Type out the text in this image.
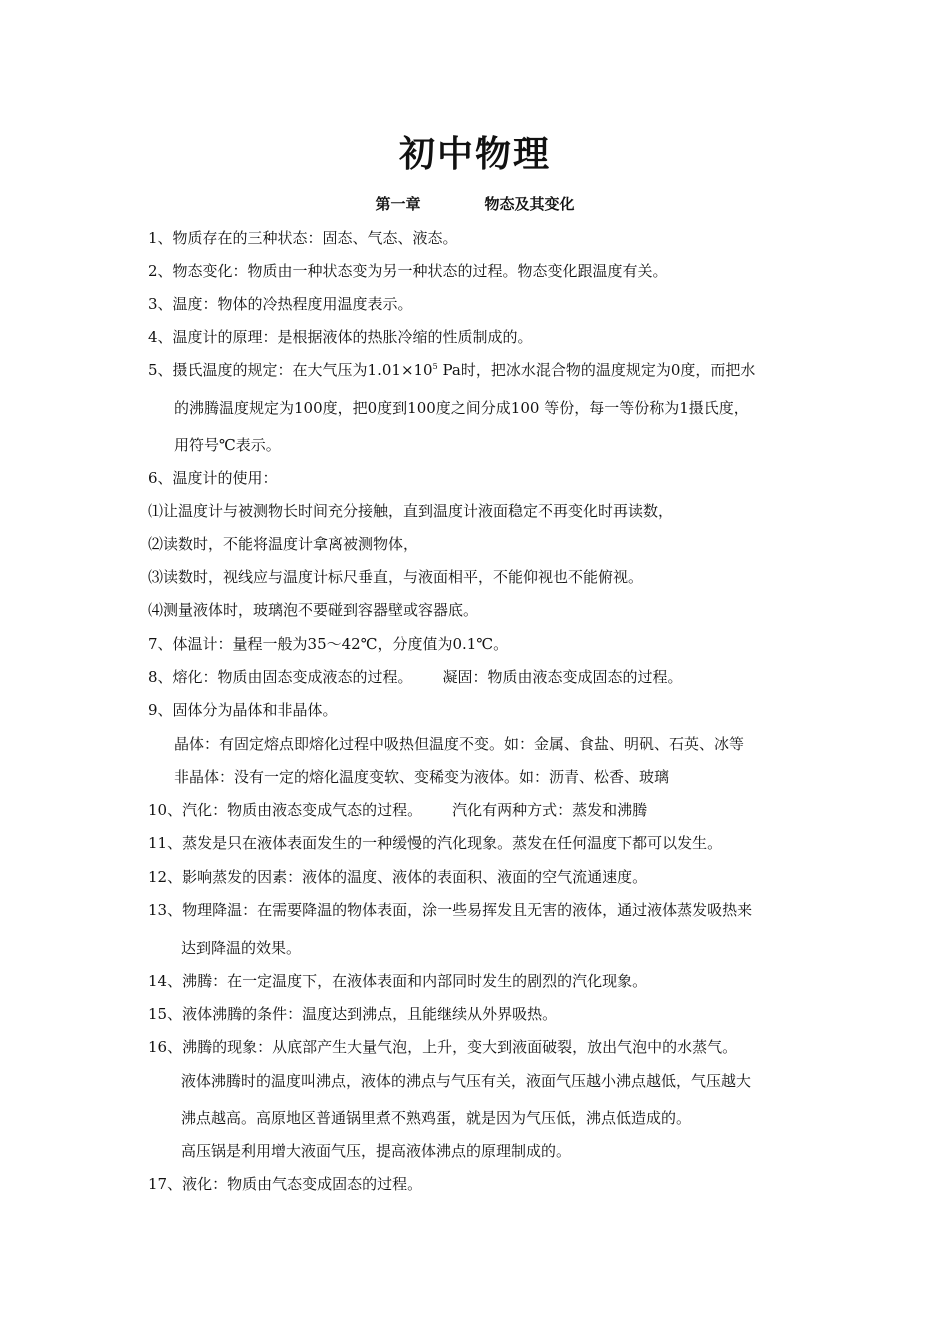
初中物理

第一章	物态及其变化

1、物质存在的三种状态：固态、气态、液态。
2、物态变化：物质由一种状态变为另一种状态的过程。物态变化跟温度有关。
3、温度：物体的冷热程度用温度表示。
4、温度计的原理：是根据液体的热胀冷缩的性质制成的。
5、摄氏温度的规定：在大气压为$1.01\times 10^5$ Pa时，把冰水混合物的温度规定为0度，而把水
的沸腾温度规定为100度，把0度到100度之间分成100 等份，每一等份称为1摄氏度，
用符号℃表示。
6、温度计的使用：
⑴让温度计与被测物长时间充分接触，直到温度计液面稳定不再变化时再读数，
⑵读数时，不能将温度计拿离被测物体，
⑶读数时，视线应与温度计标尺垂直，与液面相平，不能仰视也不能俯视。
⑷测量液体时，玻璃泡不要碰到容器壁或容器底。
7、体温计：量程一般为35～42℃，分度值为0.1℃。
8、熔化：物质由固态变成液态的过程。 凝固：物质由液态变成固态的过程。
9、固体分为晶体和非晶体。
晶体：有固定熔点即熔化过程中吸热但温度不变。如：金属、食盐、明矾、石英、冰等
非晶体：没有一定的熔化温度变软、变稀变为液体。如：沥青、松香、玻璃
10、汽化：物质由液态变成气态的过程。 汽化有两种方式：蒸发和沸腾
11、蒸发是只在液体表面发生的一种缓慢的汽化现象。蒸发在任何温度下都可以发生。
12、影响蒸发的因素：液体的温度、液体的表面积、液面的空气流通速度。
13、物理降温：在需要降温的物体表面，涂一些易挥发且无害的液体，通过液体蒸发吸热来
达到降温的效果。
14、沸腾：在一定温度下，在液体表面和内部同时发生的剧烈的汽化现象。
15、液体沸腾的条件：温度达到沸点，且能继续从外界吸热。
16、沸腾的现象：从底部产生大量气泡，上升，变大到液面破裂，放出气泡中的水蒸气。
液体沸腾时的温度叫沸点，液体的沸点与气压有关，液面气压越小沸点越低，气压越大
沸点越高。高原地区普通锅里煮不熟鸡蛋，就是因为气压低，沸点低造成的。
高压锅是利用增大液面气压，提高液体沸点的原理制成的。
17、液化：物质由气态变成固态的过程。
